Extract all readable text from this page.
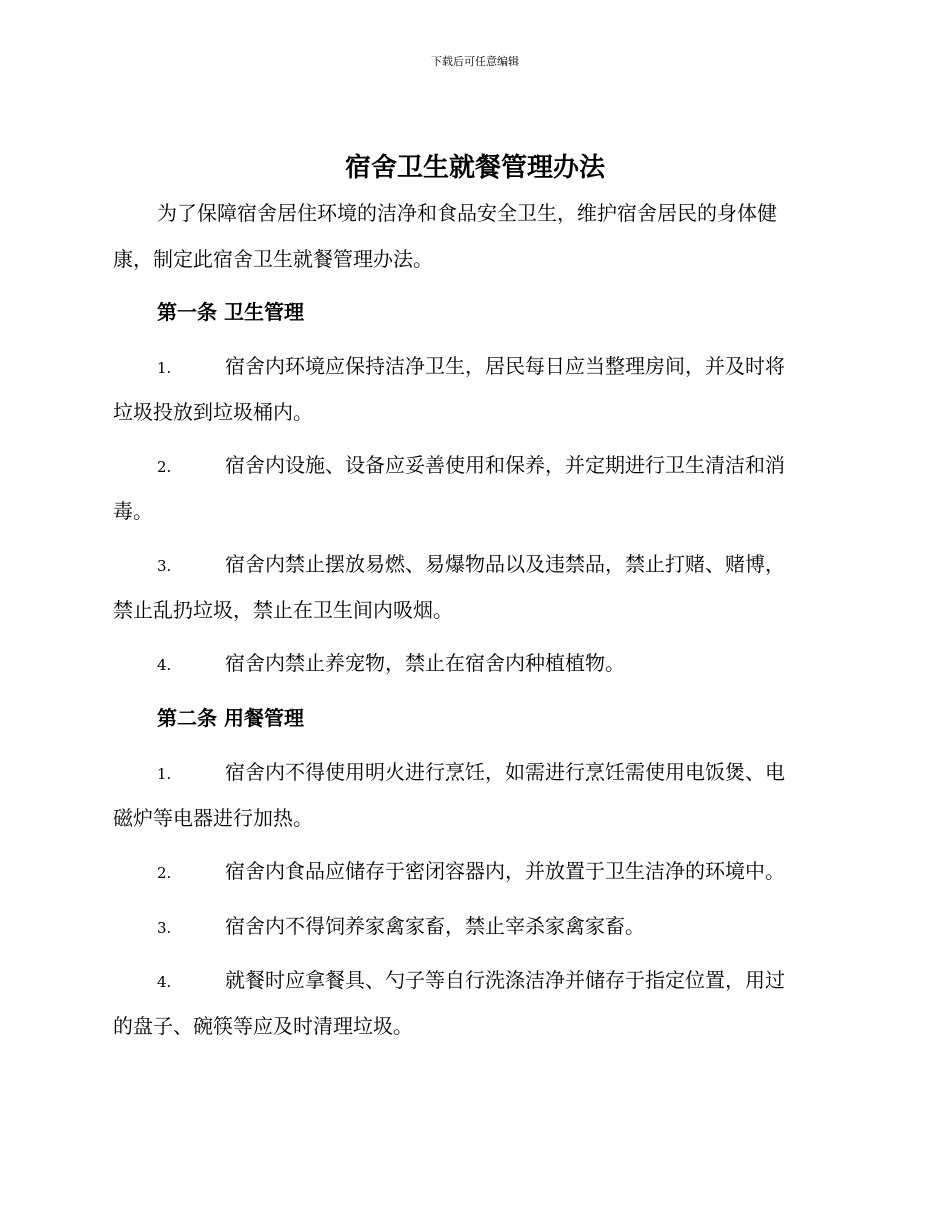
下载后可任意编辑
宿舍卫生就餐管理办法
为了保障宿舍居住环境的洁净和食品安全卫生，维护宿舍居民的身体健
康，制定此宿舍卫生就餐管理办法。
第一条 卫生管理
1.	宿舍内环境应保持洁净卫生，居民每日应当整理房间，并及时将
垃圾投放到垃圾桶内。
2.	宿舍内设施、设备应妥善使用和保养，并定期进行卫生清洁和消
毒。
3.	宿舍内禁止摆放易燃、易爆物品以及违禁品，禁止打赌、赌博，
禁止乱扔垃圾，禁止在卫生间内吸烟。
4.	宿舍内禁止养宠物，禁止在宿舍内种植植物。
第二条 用餐管理
1.	宿舍内不得使用明火进行烹饪，如需进行烹饪需使用电饭煲、电
磁炉等电器进行加热。
2.	宿舍内食品应储存于密闭容器内，并放置于卫生洁净的环境中。
3.	宿舍内不得饲养家禽家畜，禁止宰杀家禽家畜。
4.	就餐时应拿餐具、勺子等自行洗涤洁净并储存于指定位置，用过
的盘子、碗筷等应及时清理垃圾。
